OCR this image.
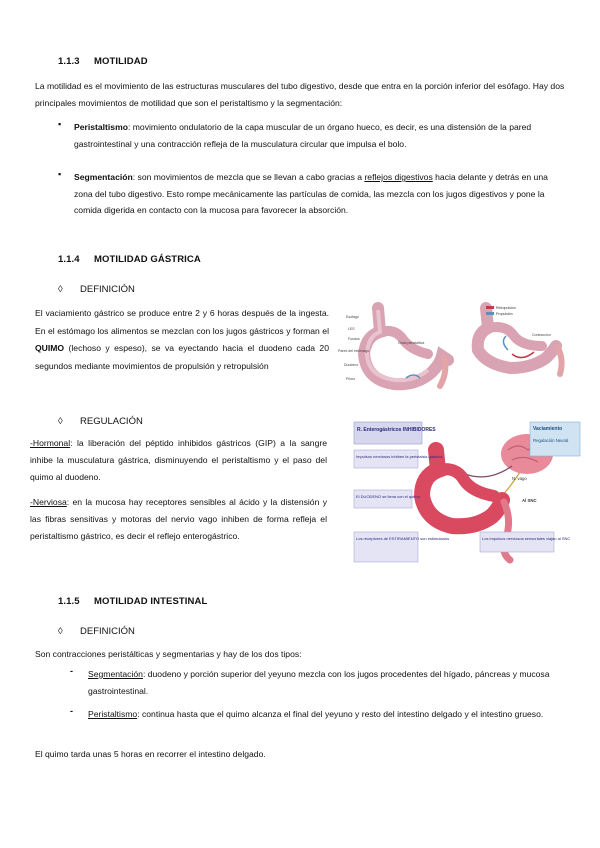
1.1.3 MOTILIDAD
La motilidad es el movimiento de las estructuras musculares del tubo digestivo, desde que entra en la porción inferior del esófago. Hay dos principales movimientos de motilidad que son el peristaltismo y la segmentación:
▪ Peristaltismo: movimiento ondulatorio de la capa muscular de un órgano hueco, es decir, es una distensión de la pared gastrointestinal y una contracción refleja de la musculatura circular que impulsa el bolo.
▪ Segmentación: son movimientos de mezcla que se llevan a cabo gracias a reflejos digestivos hacia delante y detrás en una zona del tubo digestivo. Esto rompe mecánicamente las partículas de comida, las mezcla con los jugos digestivos y pone la comida digerida en contacto con la mucosa para favorecer la absorción.
1.1.4 MOTILIDAD GÁSTRICA
◊ DEFINICIÓN
El vaciamiento gástrico se produce entre 2 y 6 horas después de la ingesta. En el estómago los alimentos se mezclan con los jugos gástricos y forman el QUIMO (lechoso y espeso), se va eyectando hacia el duodeno cada 20 segundos mediante movimientos de propulsión y retropulsión
Retropulsión
Propulsión
Esófago
LES
Fundus
Pared del estómago
Duodeno
Píloro
Onda peristáltica
Contracción
◊ REGULACIÓN
-Hormonal: la liberación del péptido inhibidos gástricos (GIP) a la sangre inhibe la musculatura gástrica, disminuyendo el peristaltismo y el paso del quimo al duodeno.
-Nerviosa: en la mucosa hay receptores sensibles al ácido y la distensión y las fibras sensitivas y motoras del nervio vago inhiben de forma refleja el peristaltismo gástrico, es decir el reflejo enterogástrico.
R. Enterogástricos INHIBIDORES	Vaciamiento
Regulación Neural
Impulsos nerviosos inhiben la peristalsis gástrica
N. vago
Al SNC
El DUODENO se llena con el quimo
Los receptores de ESTIRAMIENTO son estimulados	Los impulsos nerviosos sensoriales viajan al SNC
1.1.5 MOTILIDAD INTESTINAL
◊ DEFINICIÓN
Son contracciones peristálticas y segmentarias y hay de los dos tipos:
- Segmentación: duodeno y porción superior del yeyuno mezcla con los jugos procedentes del hígado, páncreas y mucosa gastrointestinal.
- Peristaltismo: continua hasta que el quimo alcanza el final del yeyuno y resto del intestino delgado y el intestino grueso.
El quimo tarda unas 5 horas en recorrer el intestino delgado.
